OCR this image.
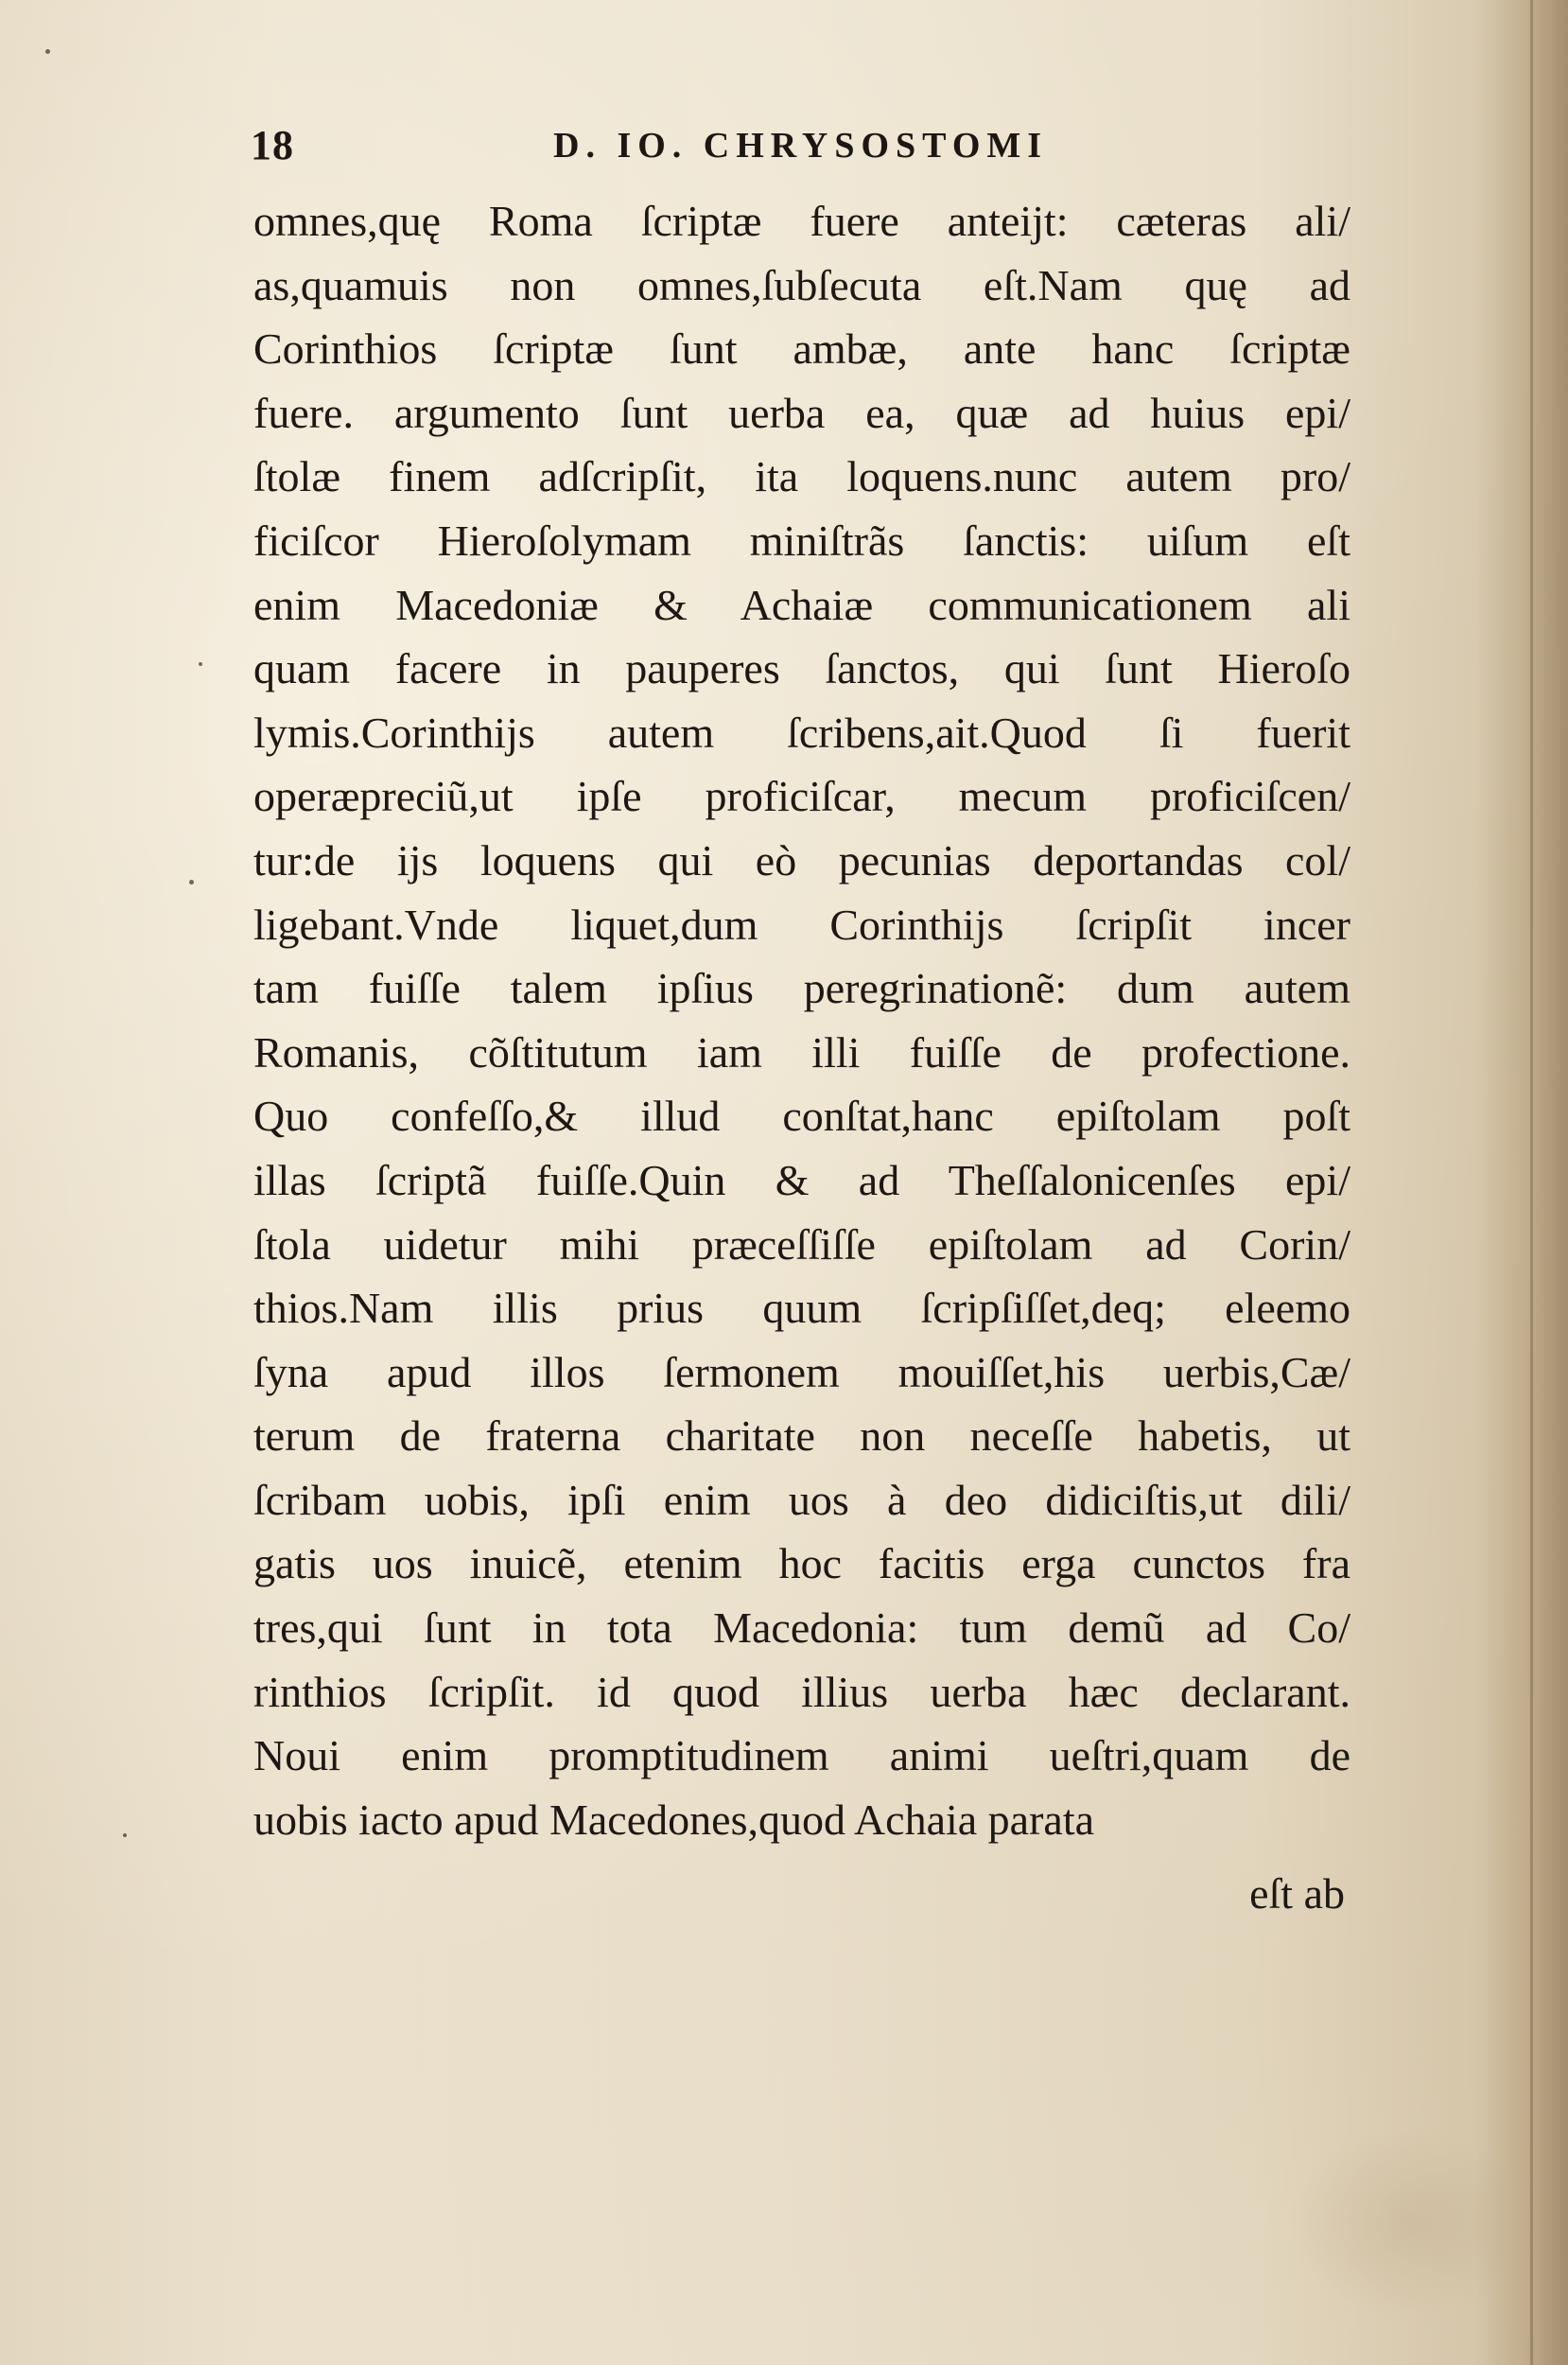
18	D. IO. CHRYSOSTOMI
omnes,quę Roma ſcriptæ fuere anteijt: cæteras ali/
as,quamuis non omnes,ſubſecuta eſt.Nam quę ad
Corinthios ſcriptæ ſunt ambæ, ante hanc ſcriptæ
fuere. argumento ſunt uerba ea, quæ ad huius epi/
ſtolæ finem adſcripſit, ita loquens.nunc autem pro/
ficiſcor Hieroſolymam miniſtrãs ſanctis: uiſum eſt
enim Macedoniæ & Achaiæ communicationem ali
quam facere in pauperes ſanctos, qui ſunt Hieroſo
lymis.Corinthijs autem ſcribens,ait.Quod ſi fuerit
operæpreciũ,ut ipſe proficiſcar, mecum proficiſcen/
tur:de ijs loquens qui eò pecunias deportandas col/
ligebant.Vnde liquet,dum Corinthijs ſcripſit incer
tam fuiſſe talem ipſius peregrinationẽ: dum autem
Romanis, cõſtitutum iam illi fuiſſe de profectione.
Quo confeſſo,& illud conſtat,hanc epiſtolam poſt
illas ſcriptã fuiſſe.Quin & ad Theſſalonicenſes epi/
ſtola uidetur mihi præceſſiſſe epiſtolam ad Corin/
thios.Nam illis prius quum ſcripſiſſet,deq; eleemo
ſyna apud illos ſermonem mouiſſet,his uerbis,Cæ/
terum de fraterna charitate non neceſſe habetis, ut
ſcribam uobis, ipſi enim uos à deo didiciſtis,ut dili/
gatis uos inuicẽ, etenim hoc facitis erga cunctos fra
tres,qui ſunt in tota Macedonia: tum demũ ad Co/
rinthios ſcripſit. id quod illius uerba hæc declarant.
Noui enim promptitudinem animi ueſtri,quam de
uobis iacto apud Macedones,quod Achaia parata
eſt ab
